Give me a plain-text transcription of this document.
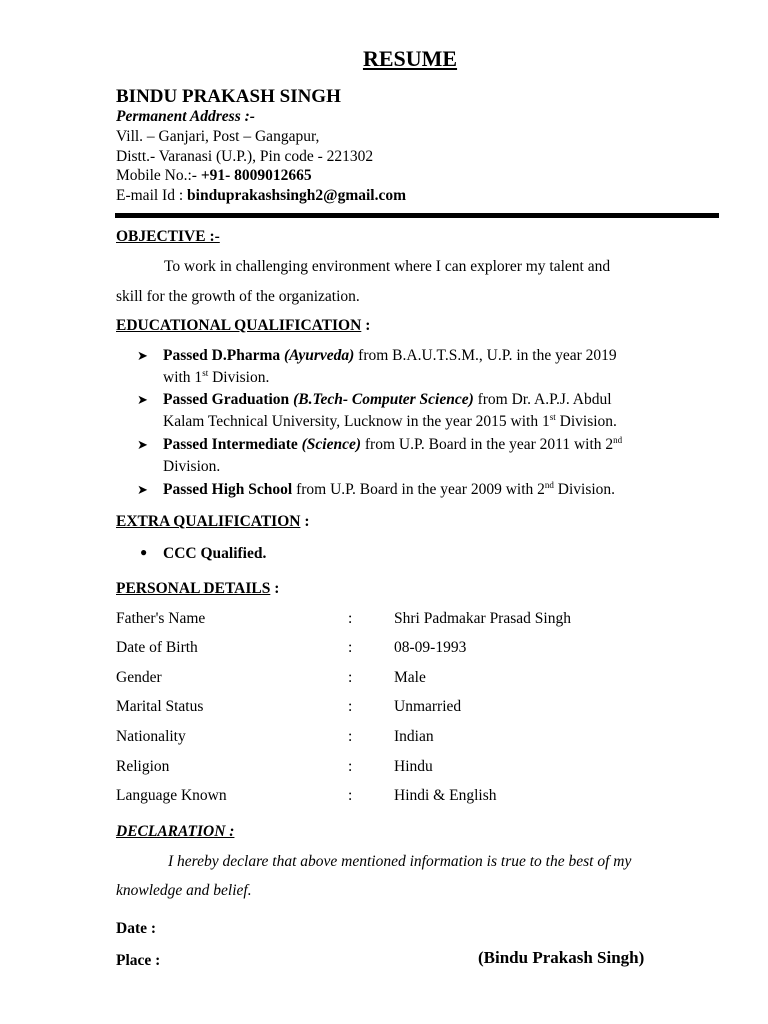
RESUME
BINDU PRAKASH SINGH
Permanent Address :-
Vill. – Ganjari, Post – Gangapur,
Distt.- Varanasi (U.P.), Pin code - 221302
Mobile No.:- +91- 8009012665
E-mail Id : binduprakashsingh2@gmail.com
OBJECTIVE :-
To work in challenging environment where I can explorer my talent and
skill for the growth of the organization.
EDUCATIONAL QUALIFICATION :
➤ Passed D.Pharma (Ayurveda) from B.A.U.T.S.M., U.P. in the year 2019
with 1st Division.
➤ Passed Graduation (B.Tech- Computer Science) from Dr. A.P.J. Abdul
Kalam Technical University, Lucknow in the year 2015 with 1st Division.
➤ Passed Intermediate (Science) from U.P. Board in the year 2011 with 2nd
Division.
➤ Passed High School from U.P. Board in the year 2009 with 2nd Division.
EXTRA QUALIFICATION :
● CCC Qualified.
PERSONAL DETAILS :
Father's Name	:	Shri Padmakar Prasad Singh
Date of Birth	:	08-09-1993
Gender	:	Male
Marital Status	:	Unmarried
Nationality	:	Indian
Religion	:	Hindu
Language Known	:	Hindi & English
DECLARATION :
I hereby declare that above mentioned information is true to the best of my
knowledge and belief.
Date :
Place :	(Bindu Prakash Singh)
